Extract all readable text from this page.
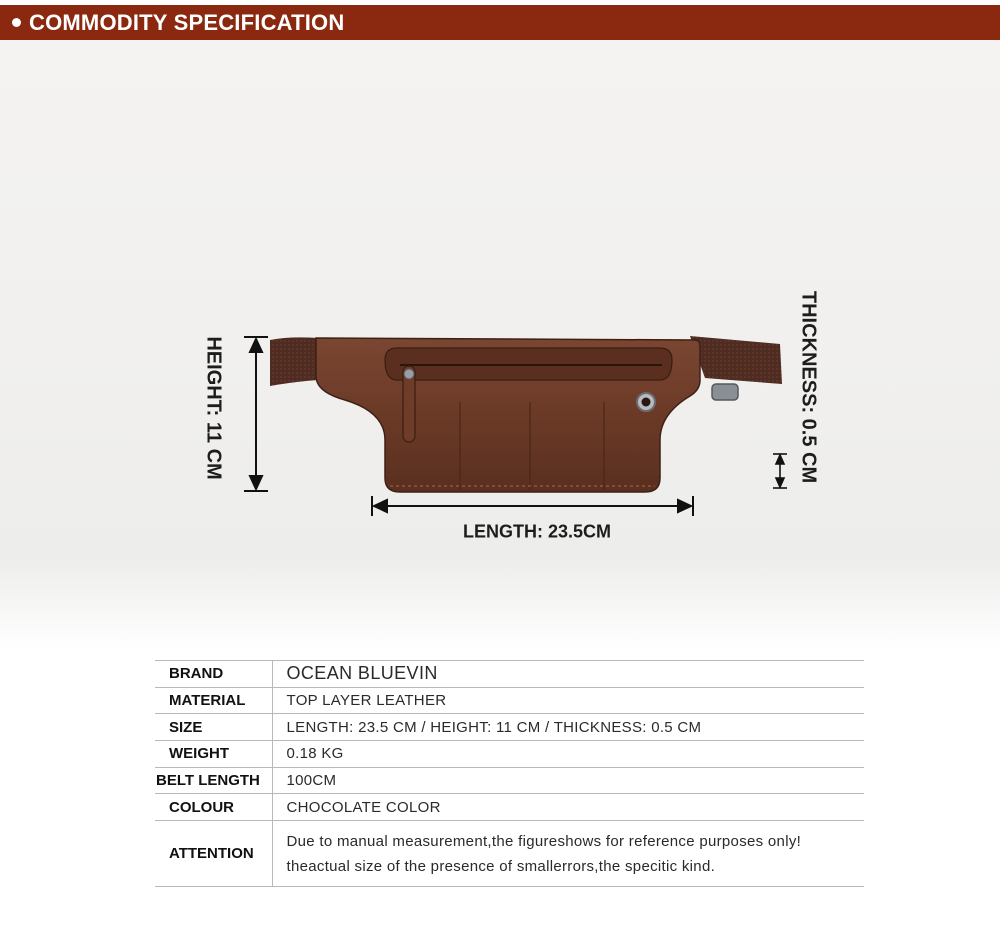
COMMODITY SPECIFICATION
HEIGHT: 11 CM	THICKNESS: 0.5 CM
LENGTH: 23.5CM
BRAND	OCEAN BLUEVIN
MATERIAL	TOP LAYER LEATHER
SIZE	LENGTH: 23.5 CM / HEIGHT: 11 CM / THICKNESS: 0.5 CM
WEIGHT	0.18 KG
BELT LENGTH	100CM
COLOUR	CHOCOLATE COLOR
ATTENTION	Due to manual measurement,the figureshows for reference purposes only!
theactual size of the presence of smallerrors,the specitic kind.
